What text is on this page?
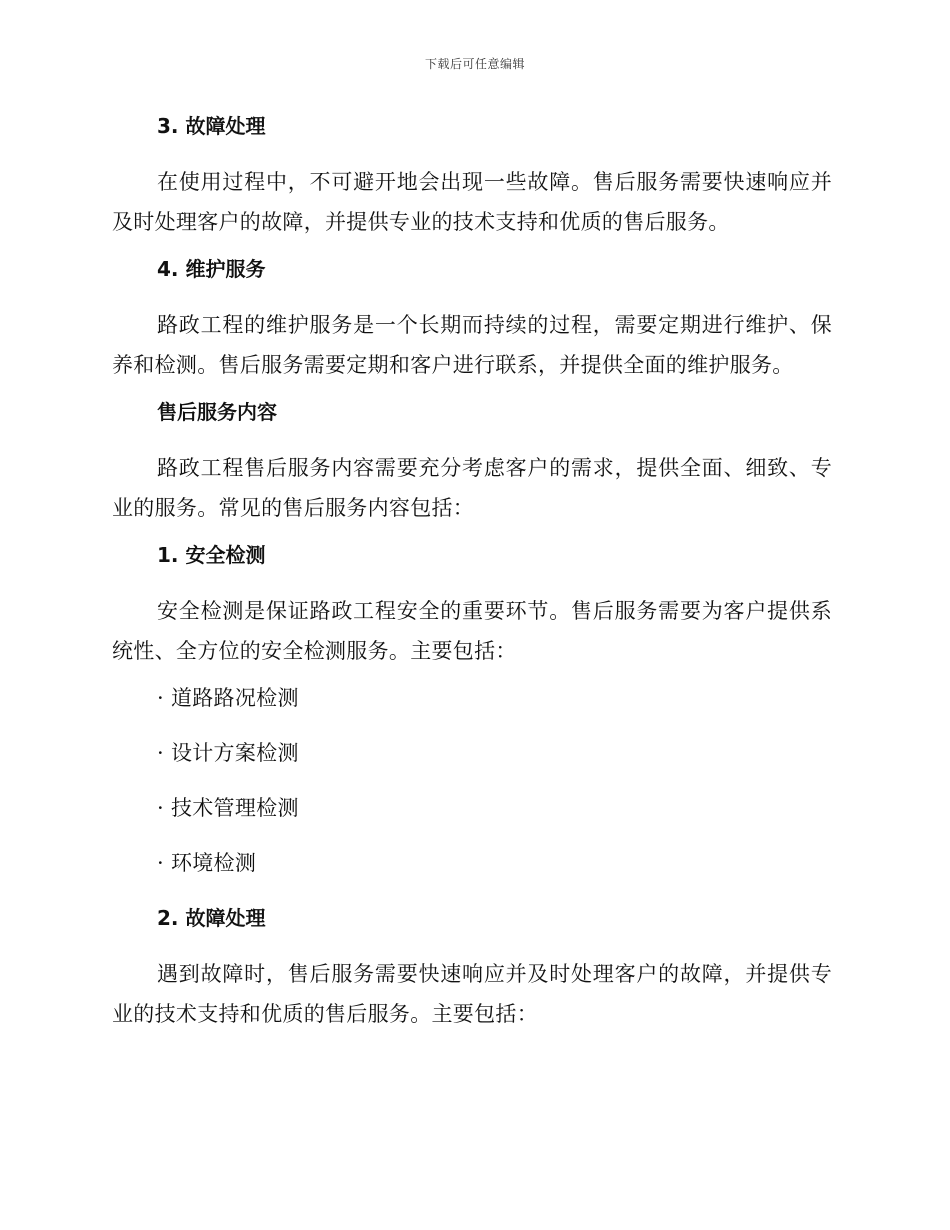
下载后可任意编辑
3. 故障处理
在使用过程中，不可避开地会出现一些故障。售后服务需要快速响应并及时处理客户的故障，并提供专业的技术支持和优质的售后服务。
4. 维护服务
路政工程的维护服务是一个长期而持续的过程，需要定期进行维护、保养和检测。售后服务需要定期和客户进行联系，并提供全面的维护服务。
售后服务内容
路政工程售后服务内容需要充分考虑客户的需求，提供全面、细致、专业的服务。常见的售后服务内容包括：
1. 安全检测
安全检测是保证路政工程安全的重要环节。售后服务需要为客户提供系统性、全方位的安全检测服务。主要包括：
· 道路路况检测
· 设计方案检测
· 技术管理检测
· 环境检测
2. 故障处理
遇到故障时，售后服务需要快速响应并及时处理客户的故障，并提供专业的技术支持和优质的售后服务。主要包括：
